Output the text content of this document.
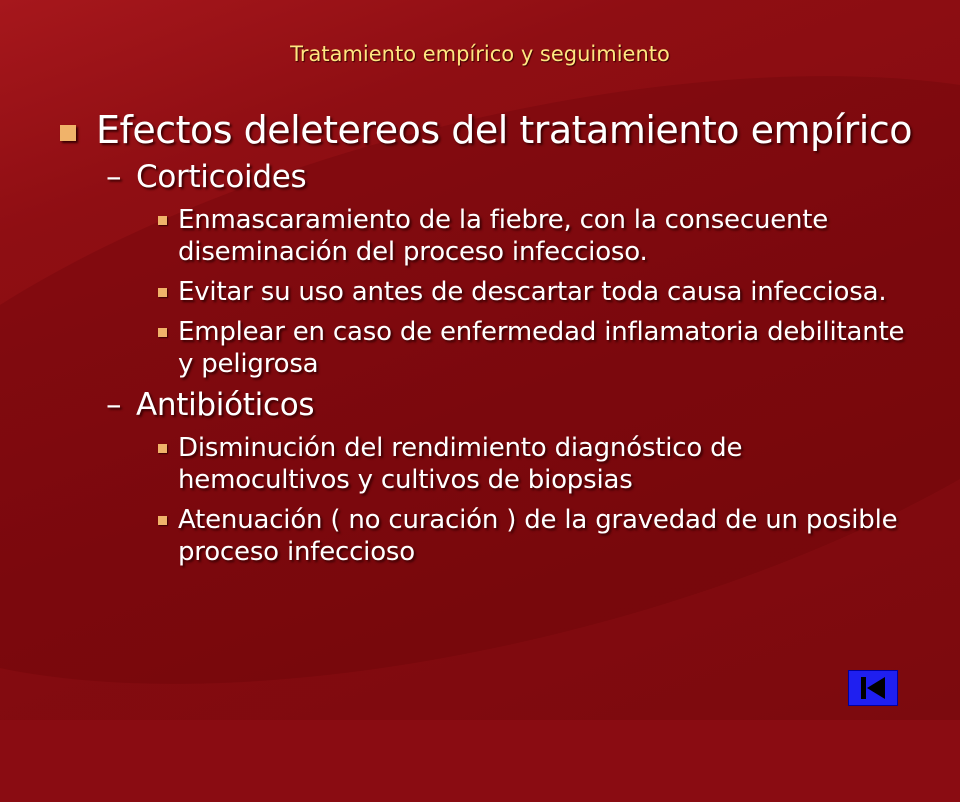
Tratamiento empírico y seguimiento
Efectos deletereos del tratamiento empírico
– Corticoides
Enmascaramiento de la fiebre, con la consecuente diseminación del proceso infeccioso.
Evitar su uso antes de descartar toda causa infecciosa.
Emplear en caso de enfermedad inflamatoria debilitante y peligrosa
– Antibióticos
Disminución del rendimiento diagnóstico de hemocultivos y cultivos de biopsias
Atenuación ( no curación ) de la gravedad de un posible proceso infeccioso
